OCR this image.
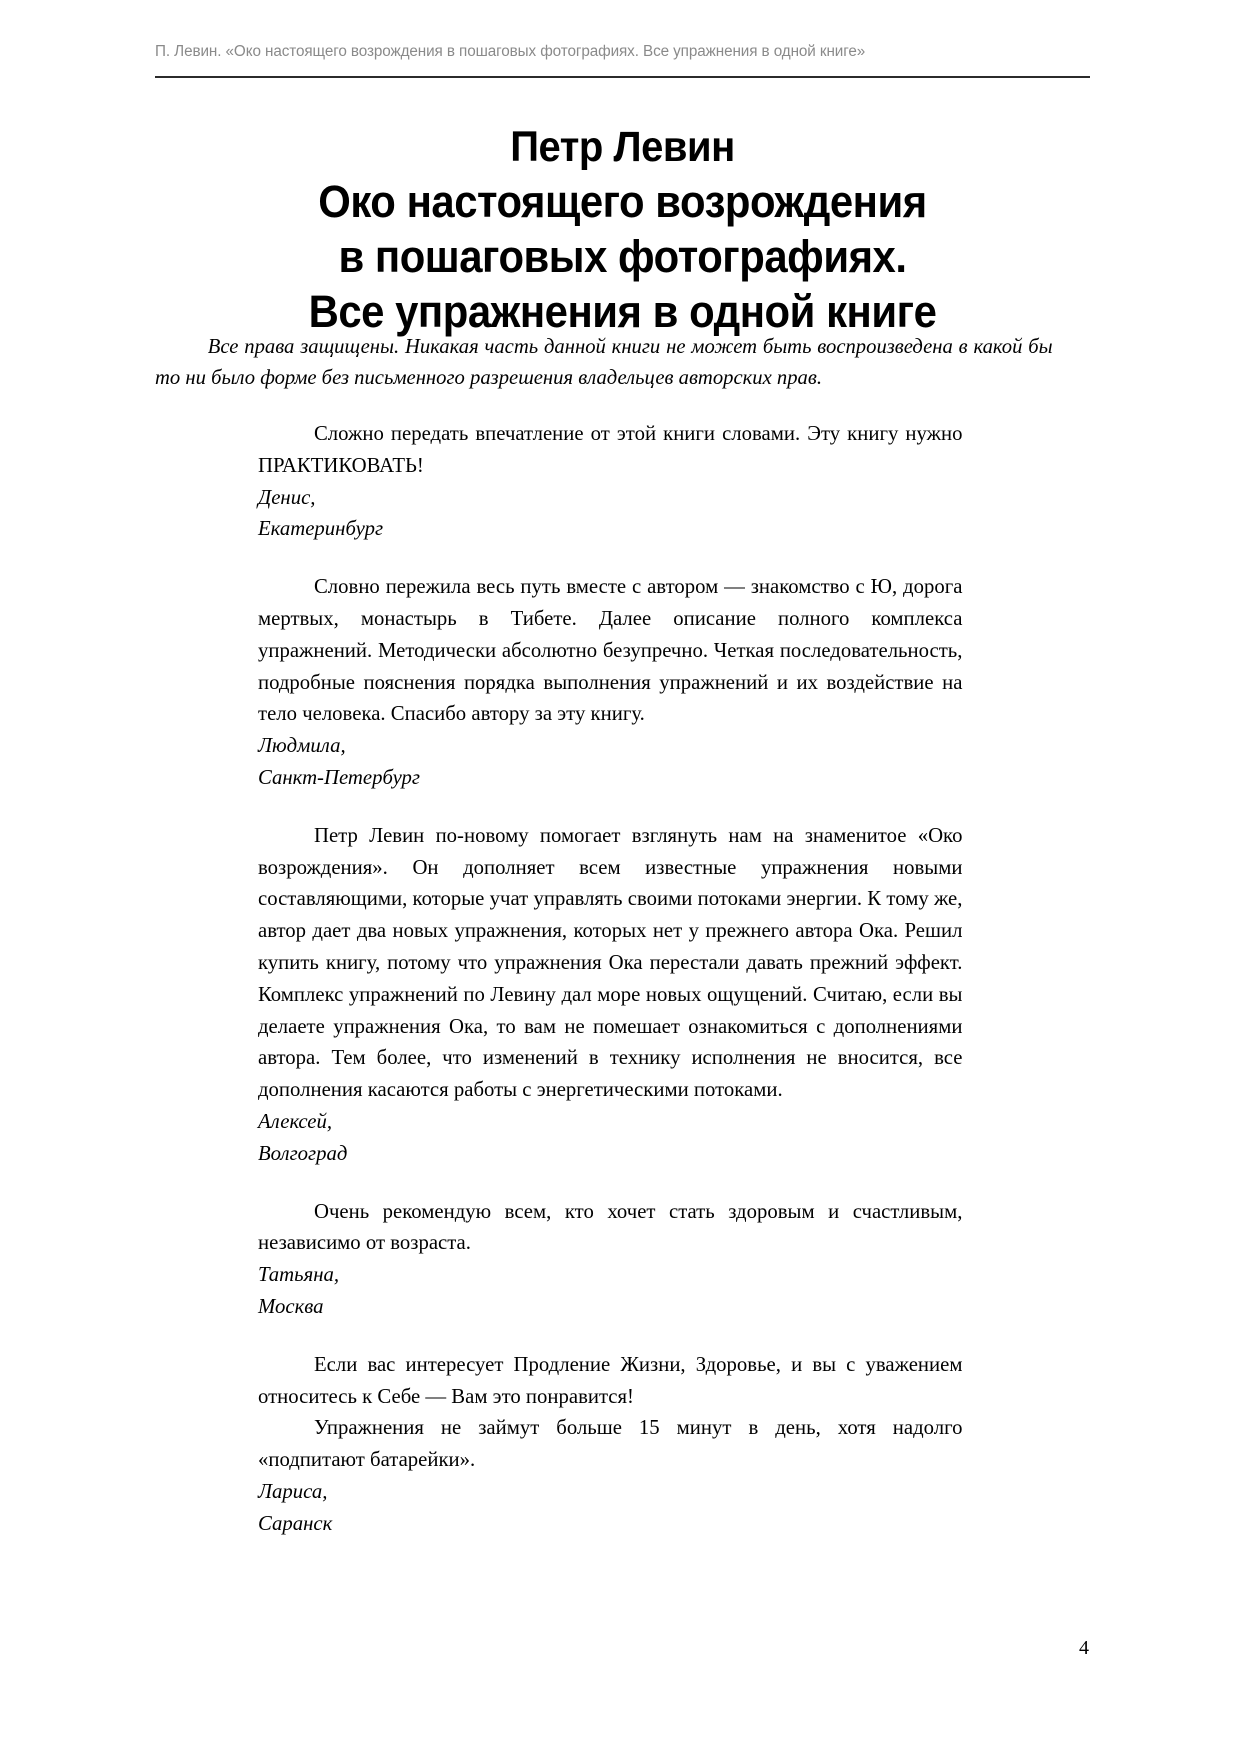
П. Левин. «Око настоящего возрождения в пошаговых фотографиях. Все упражнения в одной книге»
Петр Левин
Око настоящего возрождения
в пошаговых фотографиях.
Все упражнения в одной книге
Все права защищены. Никакая часть данной книги не может быть воспроизведена в какой бы то ни было форме без письменного разрешения владельцев авторских прав.

Сложно передать впечатление от этой книги словами. Эту книгу нужно ПРАКТИКОВАТЬ!

Денис,

Екатеринбург

Словно пережила весь путь вместе с автором — знакомство с Ю, дорога мертвых, монастырь в Тибете. Далее описание полного комплекса упражнений. Методически абсолютно безупречно. Четкая последовательность, подробные пояснения порядка выполнения упражнений и их воздействие на тело человека. Спасибо автору за эту книгу.

Людмила,

Санкт-Петербург

Петр Левин по-новому помогает взглянуть нам на знаменитое «Око возрождения». Он дополняет всем известные упражнения новыми составляющими, которые учат управлять своими потоками энергии. К тому же, автор дает два новых упражнения, которых нет у прежнего автора Ока. Решил купить книгу, потому что упражнения Ока перестали давать прежний эффект. Комплекс упражнений по Левину дал море новых ощущений. Считаю, если вы делаете упражнения Ока, то вам не помешает ознакомиться с дополнениями автора. Тем более, что изменений в технику исполнения не вносится, все дополнения касаются работы с энергетическими потоками.

Алексей,

Волгоград

Очень рекомендую всем, кто хочет стать здоровым и счастливым, независимо от возраста.

Татьяна,

Москва

Если вас интересует Продление Жизни, Здоровье, и вы с уважением относитесь к Себе — Вам это понравится!

Упражнения не займут больше 15 минут в день, хотя надолго «подпитают батарейки».

Лариса,

Саранск

4
